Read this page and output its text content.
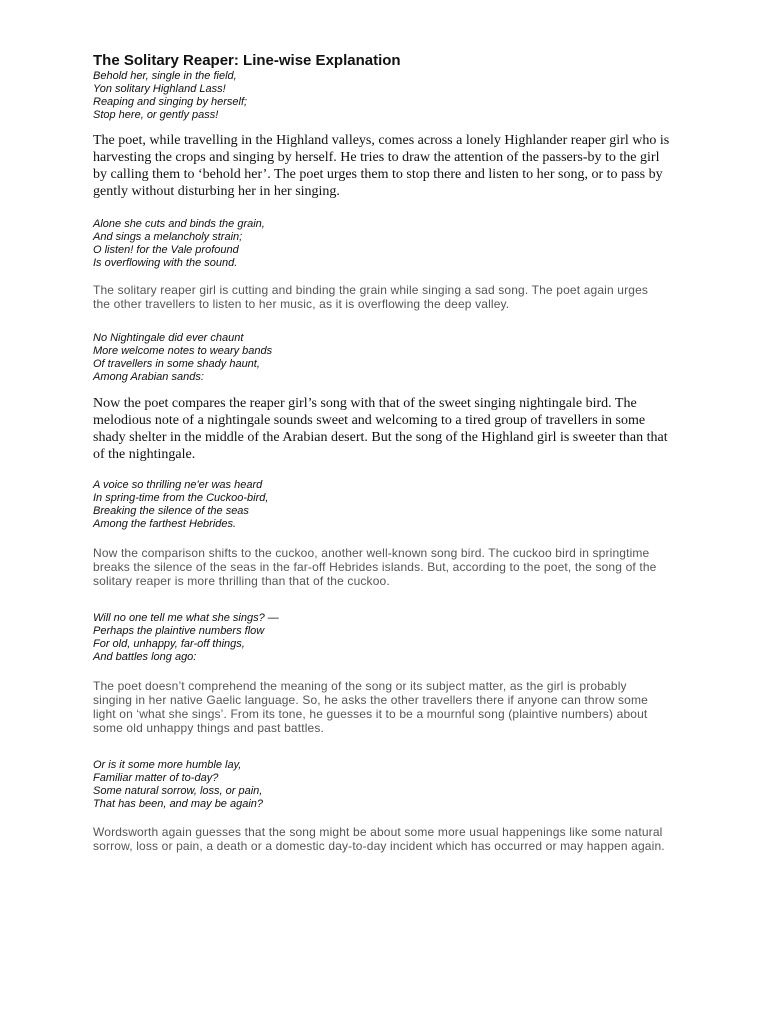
The Solitary Reaper: Line-wise Explanation
Behold her, single in the field,
Yon solitary Highland Lass!
Reaping and singing by herself;
Stop here, or gently pass!

The poet, while travelling in the Highland valleys, comes across a lonely Highlander reaper girl who is harvesting the crops and singing by herself. He tries to draw the attention of the passers-by to the girl by calling them to ‘behold her’. The poet urges them to stop there and listen to her song, or to pass by gently without disturbing her in her singing.

Alone she cuts and binds the grain,
And sings a melancholy strain;
O listen! for the Vale profound
Is overflowing with the sound.

The solitary reaper girl is cutting and binding the grain while singing a sad song. The poet again urges the other travellers to listen to her music, as it is overflowing the deep valley.

No Nightingale did ever chaunt
More welcome notes to weary bands
Of travellers in some shady haunt,
Among Arabian sands:

Now the poet compares the reaper girl’s song with that of the sweet singing nightingale bird. The melodious note of a nightingale sounds sweet and welcoming to a tired group of travellers in some shady shelter in the middle of the Arabian desert. But the song of the Highland girl is sweeter than that of the nightingale.

A voice so thrilling ne'er was heard
In spring-time from the Cuckoo-bird,
Breaking the silence of the seas
Among the farthest Hebrides.

Now the comparison shifts to the cuckoo, another well-known song bird. The cuckoo bird in springtime breaks the silence of the seas in the far-off Hebrides islands. But, according to the poet, the song of the solitary reaper is more thrilling than that of the cuckoo.

Will no one tell me what she sings? —
Perhaps the plaintive numbers flow
For old, unhappy, far-off things,
And battles long ago:

The poet doesn’t comprehend the meaning of the song or its subject matter, as the girl is probably singing in her native Gaelic language. So, he asks the other travellers there if anyone can throw some light on ‘what she sings’. From its tone, he guesses it to be a mournful song (plaintive numbers) about some old unhappy things and past battles.

Or is it some more humble lay,
Familiar matter of to-day?
Some natural sorrow, loss, or pain,
That has been, and may be again?

Wordsworth again guesses that the song might be about some more usual happenings like some natural sorrow, loss or pain, a death or a domestic day-to-day incident which has occurred or may happen again.
